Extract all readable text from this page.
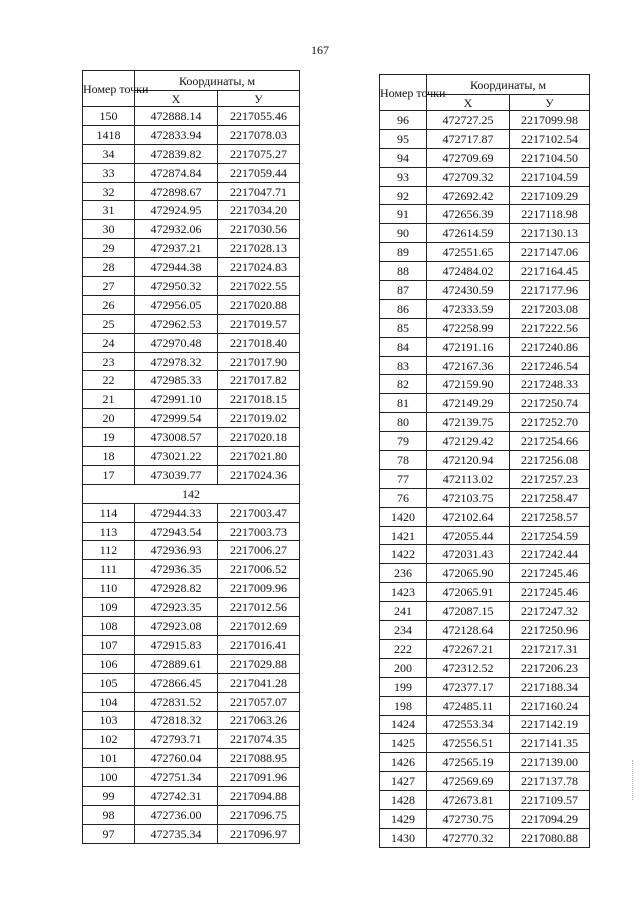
167
Номер точки	Координаты, м	
	X	У
150	472888.14	2217055.46
1418	472833.94	2217078.03
34	472839.82	2217075.27
33	472874.84	2217059.44
32	472898.67	2217047.71
31	472924.95	2217034.20
30	472932.06	2217030.56
29	472937.21	2217028.13
28	472944.38	2217024.83
27	472950.32	2217022.55
26	472956.05	2217020.88
25	472962.53	2217019.57
24	472970.48	2217018.40
23	472978.32	2217017.90
22	472985.33	2217017.82
21	472991.10	2217018.15
20	472999.54	2217019.02
19	473008.57	2217020.18
18	473021.22	2217021.80
17	473039.77	2217024.36
142		
114	472944.33	2217003.47
113	472943.54	2217003.73
112	472936.93	2217006.27
111	472936.35	2217006.52
110	472928.82	2217009.96
109	472923.35	2217012.56
108	472923.08	2217012.69
107	472915.83	2217016.41
106	472889.61	2217029.88
105	472866.45	2217041.28
104	472831.52	2217057.07
103	472818.32	2217063.26
102	472793.71	2217074.35
101	472760.04	2217088.95
100	472751.34	2217091.96
99	472742.31	2217094.88
98	472736.00	2217096.75
97	472735.34	2217096.97
Номер точки	Координаты, м	
	X	У
96	472727.25	2217099.98
95	472717.87	2217102.54
94	472709.69	2217104.50
93	472709.32	2217104.59
92	472692.42	2217109.29
91	472656.39	2217118.98
90	472614.59	2217130.13
89	472551.65	2217147.06
88	472484.02	2217164.45
87	472430.59	2217177.96
86	472333.59	2217203.08
85	472258.99	2217222.56
84	472191.16	2217240.86
83	472167.36	2217246.54
82	472159.90	2217248.33
81	472149.29	2217250.74
80	472139.75	2217252.70
79	472129.42	2217254.66
78	472120.94	2217256.08
77	472113.02	2217257.23
76	472103.75	2217258.47
1420	472102.64	2217258.57
1421	472055.44	2217254.59
1422	472031.43	2217242.44
236	472065.90	2217245.46
1423	472065.91	2217245.46
241	472087.15	2217247.32
234	472128.64	2217250.96
222	472267.21	2217217.31
200	472312.52	2217206.23
199	472377.17	2217188.34
198	472485.11	2217160.24
1424	472553.34	2217142.19
1425	472556.51	2217141.35
1426	472565.19	2217139.00
1427	472569.69	2217137.78
1428	472673.81	2217109.57
1429	472730.75	2217094.29
1430	472770.32	2217080.88
